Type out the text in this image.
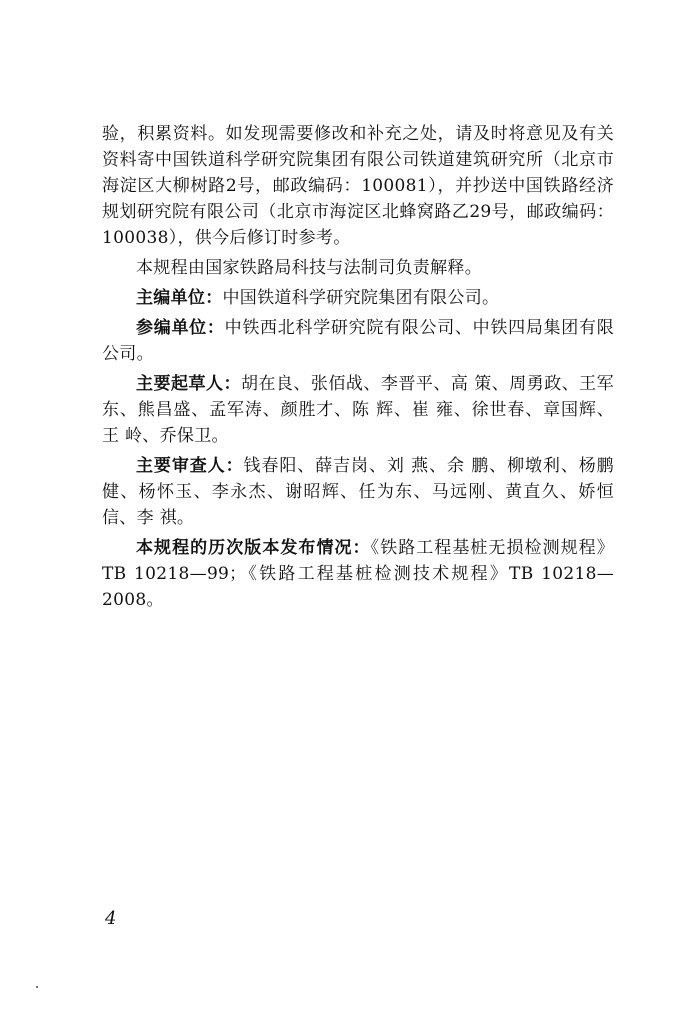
验，积累资料。如发现需要修改和补充之处，请及时将意见及有关资料寄中国铁道科学研究院集团有限公司铁道建筑研究所（北京市海淀区大柳树路2号，邮政编码：100081），并抄送中国铁路经济规划研究院有限公司（北京市海淀区北蜂窝路乙29号，邮政编码：100038），供今后修订时参考。

本规程由国家铁路局科技与法制司负责解释。

主编单位：中国铁道科学研究院集团有限公司。

参编单位：中铁西北科学研究院有限公司、中铁四局集团有限公司。

主要起草人：胡在良、张佰战、李晋平、高 策、周勇政、王军东、熊昌盛、孟军涛、颜胜才、陈 辉、崔 雍、徐世春、章国辉、王 岭、乔保卫。

主要审查人：钱春阳、薛吉岗、刘 燕、余 鹏、柳墩利、杨鹏健、杨怀玉、李永杰、谢昭辉、任为东、马远刚、黄直久、娇恒信、李 祺。

本规程的历次版本发布情况：《铁路工程基桩无损检测规程》TB 10218—99；《铁路工程基桩检测技术规程》TB 10218—2008。

4
